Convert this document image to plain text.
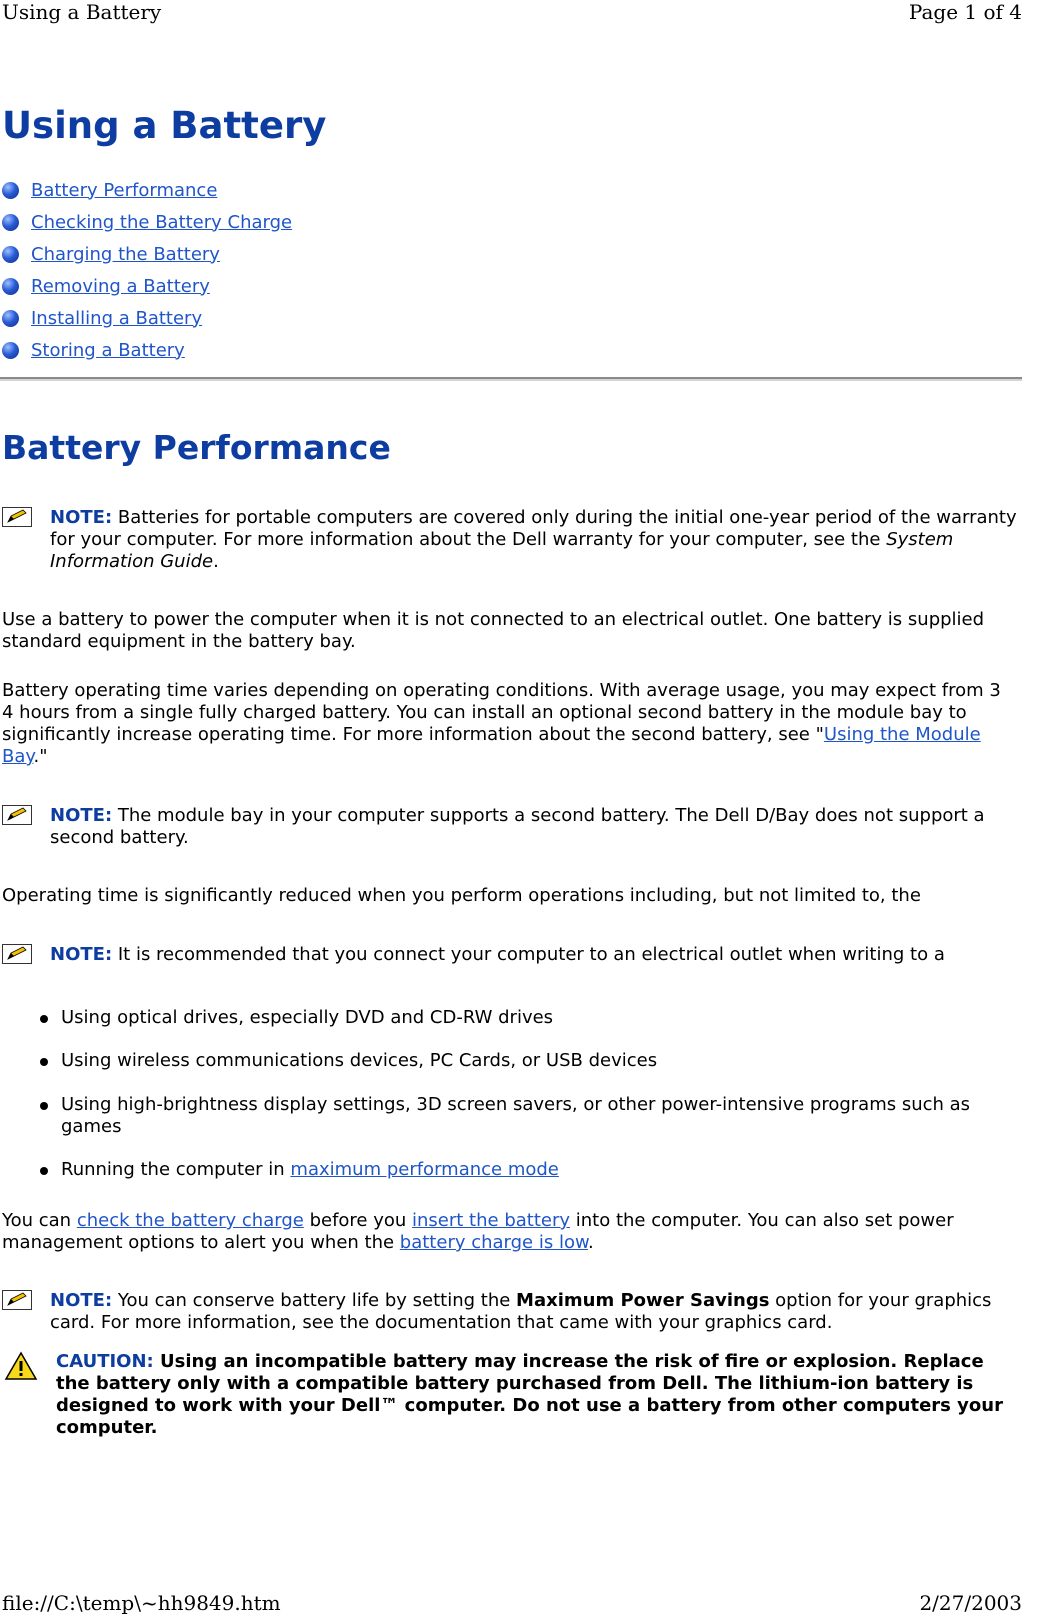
Using a Battery	Page 1 of 4
Using a Battery
Battery Performance
Checking the Battery Charge
Charging the Battery
Removing a Battery
Installing a Battery
Storing a Battery
Battery Performance
NOTE: Batteries for portable computers are covered only during the initial one-year period of the warranty for your computer. For more information about the Dell warranty for your computer, see the System Information Guide.

Use a battery to power the computer when it is not connected to an electrical outlet. One battery is supplied standard equipment in the battery bay.

Battery operating time varies depending on operating conditions. With average usage, you may expect from 3 4 hours from a single fully charged battery. You can install an optional second battery in the module bay to significantly increase operating time. For more information about the second battery, see "Using the Module Bay."

NOTE: The module bay in your computer supports a second battery. The Dell D/Bay does not support a second battery.

Operating time is significantly reduced when you perform operations including, but not limited to, the

NOTE: It is recommended that you connect your computer to an electrical outlet when writing to a
Using optical drives, especially DVD and CD-RW drives
Using wireless communications devices, PC Cards, or USB devices
Using high-brightness display settings, 3D screen savers, or other power-intensive programs such as games
Running the computer in maximum performance mode

You can check the battery charge before you insert the battery into the computer. You can also set power management options to alert you when the battery charge is low.

NOTE: You can conserve battery life by setting the Maximum Power Savings option for your graphics card. For more information, see the documentation that came with your graphics card.
CAUTION: Using an incompatible battery may increase the risk of fire or explosion. Replace the battery only with a compatible battery purchased from Dell. The lithium-ion battery is designed to work with your Dell™ computer. Do not use a battery from other computers your computer.
file://C:\temp\~hh9849.htm	2/27/2003
